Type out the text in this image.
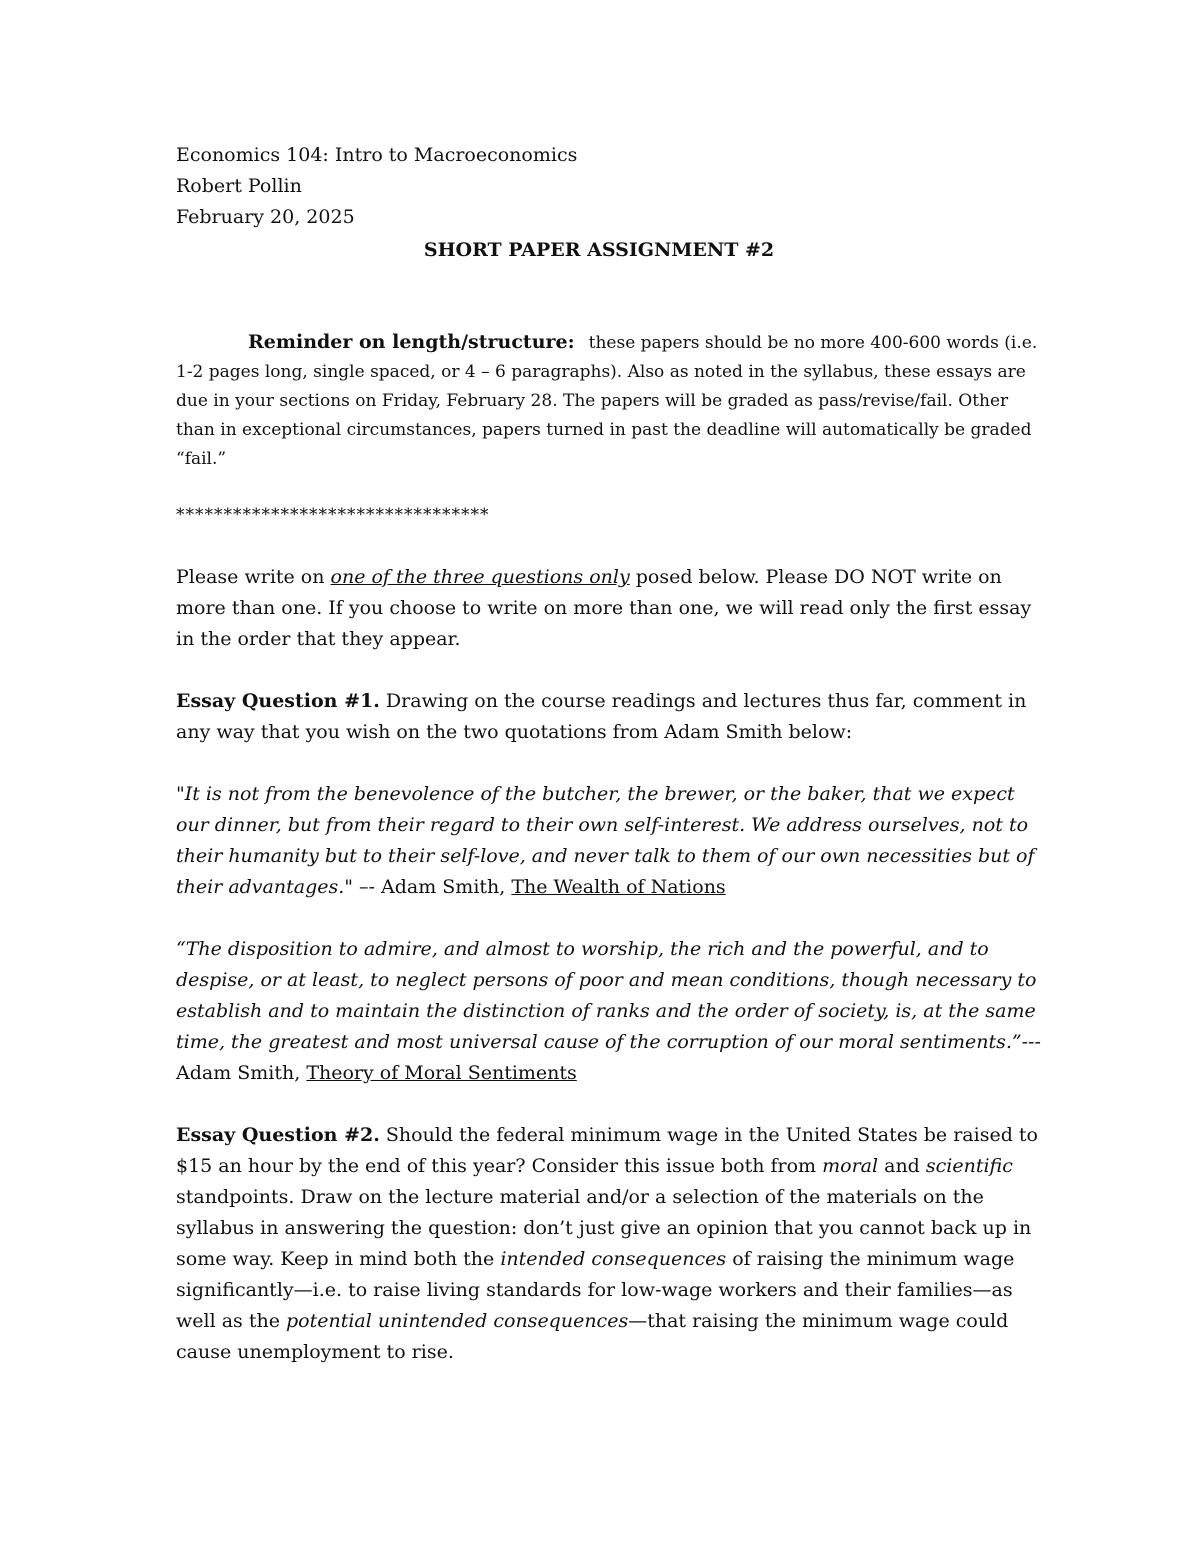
Economics 104: Intro to Macroeconomics
Robert Pollin
February 20, 2025
SHORT PAPER ASSIGNMENT #2
Reminder on length/structure: these papers should be no more 400-600 words (i.e.
1-2 pages long, single spaced, or 4 – 6 paragraphs). Also as noted in the syllabus, these essays are
due in your sections on Friday, February 28. The papers will be graded as pass/revise/fail. Other
than in exceptional circumstances, papers turned in past the deadline will automatically be graded
“fail.”
*********************************
Please write on one of the three questions only posed below. Please DO NOT write on
more than one. If you choose to write on more than one, we will read only the first essay
in the order that they appear.
Essay Question #1. Drawing on the course readings and lectures thus far, comment in
any way that you wish on the two quotations from Adam Smith below:
"It is not from the benevolence of the butcher, the brewer, or the baker, that we expect
our dinner, but from their regard to their own self-interest. We address ourselves, not to
their humanity but to their self-love, and never talk to them of our own necessities but of
their advantages." –- Adam Smith, The Wealth of Nations
“The disposition to admire, and almost to worship, the rich and the powerful, and to
despise, or at least, to neglect persons of poor and mean conditions, though necessary to
establish and to maintain the distinction of ranks and the order of society, is, at the same
time, the greatest and most universal cause of the corruption of our moral sentiments.”---
Adam Smith, Theory of Moral Sentiments
Essay Question #2. Should the federal minimum wage in the United States be raised to
$15 an hour by the end of this year? Consider this issue both from moral and scientific
standpoints. Draw on the lecture material and/or a selection of the materials on the
syllabus in answering the question: don’t just give an opinion that you cannot back up in
some way. Keep in mind both the intended consequences of raising the minimum wage
significantly—i.e. to raise living standards for low-wage workers and their families—as
well as the potential unintended consequences—that raising the minimum wage could
cause unemployment to rise.
